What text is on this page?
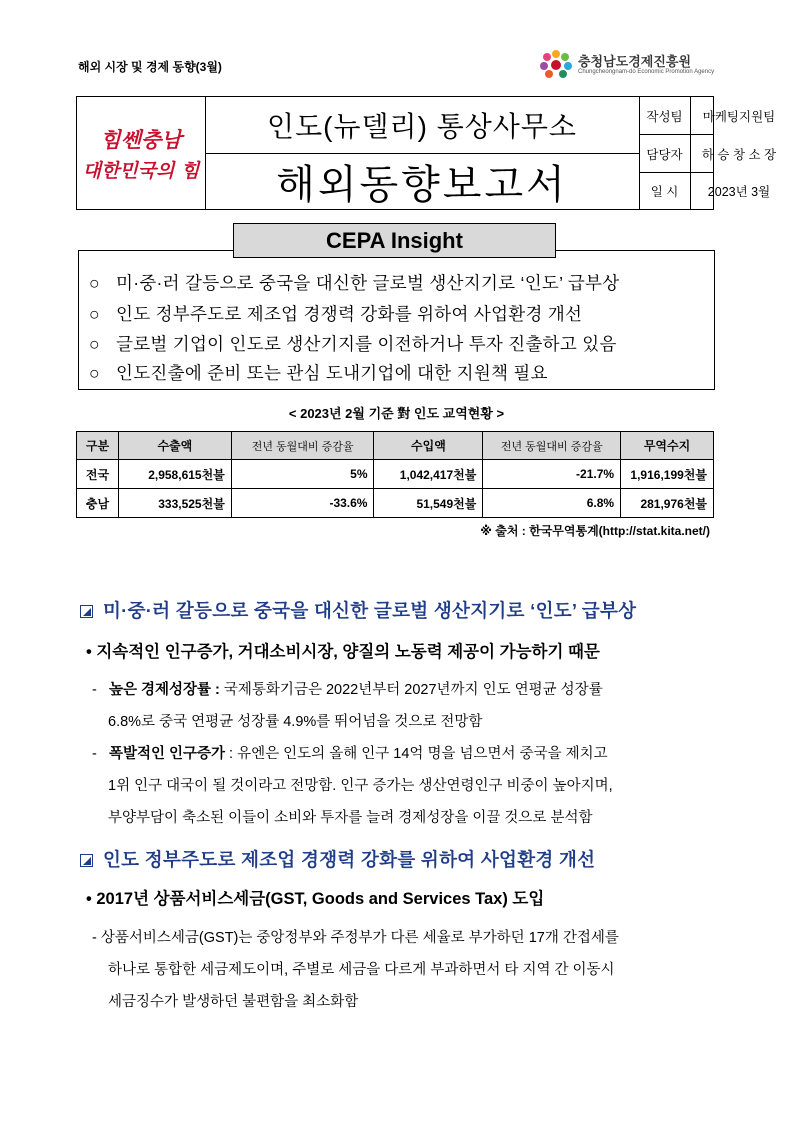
해외 시장 및 경제 동향(3월)	충청남도경제진흥원
Chungcheongnam-do Economic Promotion Agency
힘쎈충남
대한민국의 힘
인도(뉴델리) 통상사무소
해외동향보고서
작성팀	마케팅지원팀
담당자	하 승 창 소 장
일 시	2023년 3월
○ 미·중·러 갈등으로 중국을 대신한 글로벌 생산지기로 ‘인도’ 급부상
○ 인도 정부주도로 제조업 경쟁력 강화를 위하여 사업환경 개선
○ 글로벌 기업이 인도로 생산기지를 이전하거나 투자 진출하고 있음
○ 인도진출에 준비 또는 관심 도내기업에 대한 지원책 필요
CEPA Insight
< 2023년 2월 기준 對 인도 교역현황 >
구분	수출액	전년 동월대비 증감율	수입액	전년 동월대비 증감율	무역수지
전국	2,958,615천불	5%	1,042,417천불	-21.7%	1,916,199천불
충남	333,525천불	-33.6%	51,549천불	6.8%	281,976천불
※ 출처 : 한국무역통계(http://stat.kita.net/)
미·중·러 갈등으로 중국을 대신한 글로벌 생산지기로 ‘인도’ 급부상
• 지속적인 인구증가, 거대소비시장, 양질의 노동력 제공이 가능하기 때문
- 높은 경제성장률 : 국제통화기금은 2022년부터 2027년까지 인도 연평균 성장률
6.8%로 중국 연평균 성장률 4.9%를 뛰어넘을 것으로 전망함
- 폭발적인 인구증가 : 유엔은 인도의 올해 인구 14억 명을 넘으면서 중국을 제치고
1위 인구 대국이 될 것이라고 전망함. 인구 증가는 생산연령인구 비중이 높아지며,
부양부담이 축소된 이들이 소비와 투자를 늘려 경제성장을 이끌 것으로 분석함
인도 정부주도로 제조업 경쟁력 강화를 위하여 사업환경 개선
• 2017년 상품서비스세금(GST, Goods and Services Tax) 도입
- 상품서비스세금(GST)는 중앙정부와 주정부가 다른 세율로 부가하던 17개 간접세를
하나로 통합한 세금제도이며, 주별로 세금을 다르게 부과하면서 타 지역 간 이동시
세금징수가 발생하던 불편함을 최소화함
